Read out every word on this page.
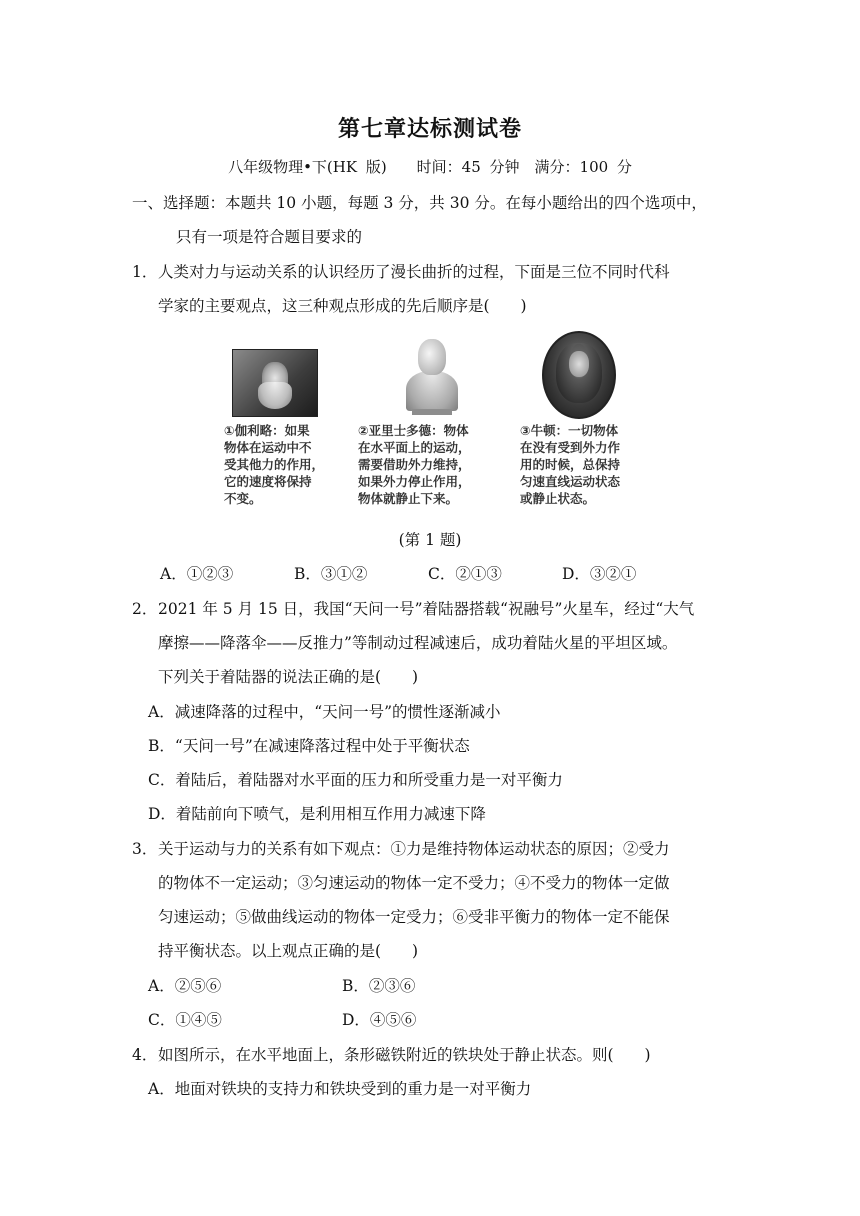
第七章达标测试卷
八年级物理•下(HK 版)　　时间：45 分钟　满分：100 分
一、选择题：本题共 10 小题，每题 3 分，共 30 分。在每小题给出的四个选项中，
只有一项是符合题目要求的
1．人类对力与运动关系的认识经历了漫长曲折的过程，下面是三位不同时代科
学家的主要观点，这三种观点形成的先后顺序是(　　)
①伽利略：如果
物体在运动中不
受其他力的作用，
它的速度将保持
不变。
②亚里士多德：物体
在水平面上的运动，
需要借助外力维持，
如果外力停止作用，
物体就静止下来。
③牛顿：一切物体
在没有受到外力作
用的时候，总保持
匀速直线运动状态
或静止状态。
(第 1 题)
A．①②③	B．③①②	C．②①③	D．③②①
2．2021 年 5 月 15 日，我国“天问一号”着陆器搭载“祝融号”火星车，经过“大气
摩擦——降落伞——反推力”等制动过程减速后，成功着陆火星的平坦区域。
下列关于着陆器的说法正确的是(　　)
A．减速降落的过程中，“天问一号”的惯性逐渐减小
B．“天问一号”在减速降落过程中处于平衡状态
C．着陆后，着陆器对水平面的压力和所受重力是一对平衡力
D．着陆前向下喷气，是利用相互作用力减速下降
3．关于运动与力的关系有如下观点：①力是维持物体运动状态的原因；②受力
的物体不一定运动；③匀速运动的物体一定不受力；④不受力的物体一定做
匀速运动；⑤做曲线运动的物体一定受力；⑥受非平衡力的物体一定不能保
持平衡状态。以上观点正确的是(　　)
A．②⑤⑥	B．②③⑥
C．①④⑤	D．④⑤⑥
4．如图所示，在水平地面上，条形磁铁附近的铁块处于静止状态。则(　　)
A．地面对铁块的支持力和铁块受到的重力是一对平衡力
